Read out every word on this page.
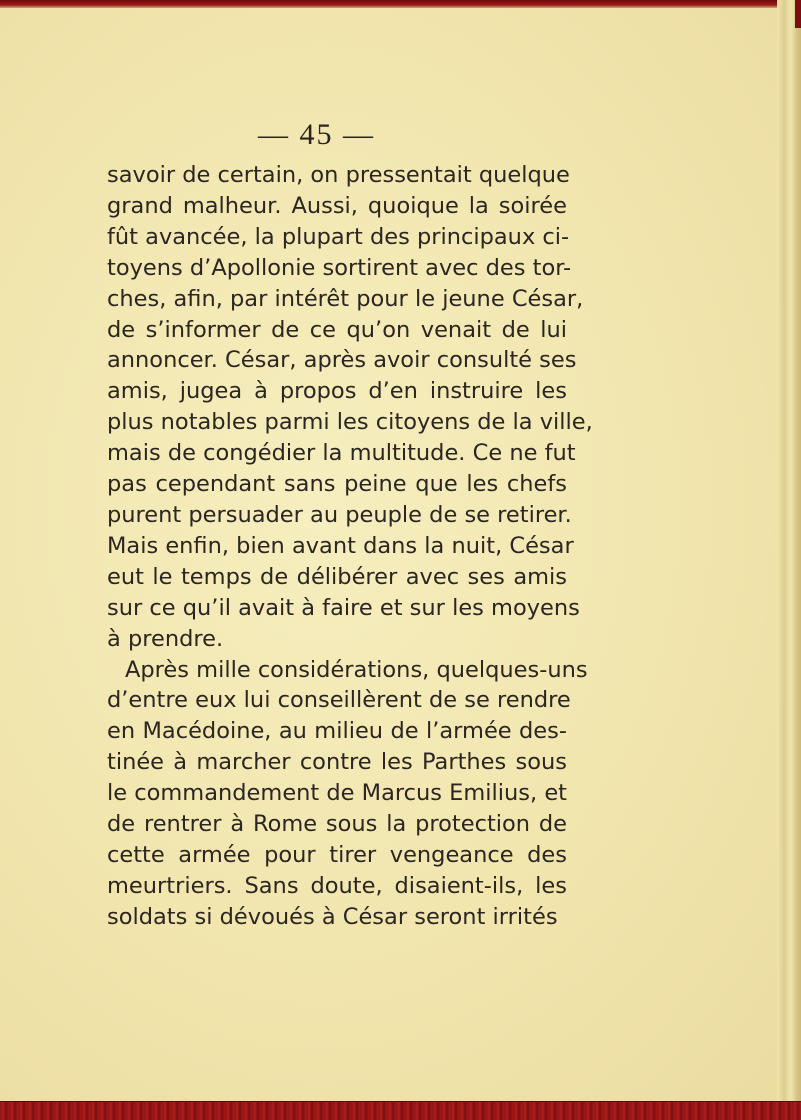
— 45 —
savoir de certain, on pressentait quelque
grand malheur. Aussi, quoique la soirée
fût avancée, la plupart des principaux ci-
toyens d’Apollonie sortirent avec des tor-
ches, afin, par intérêt pour le jeune César,
de s’informer de ce qu’on venait de lui
annoncer. César, après avoir consulté ses
amis, jugea à propos d’en instruire les
plus notables parmi les citoyens de la ville,
mais de congédier la multitude. Ce ne fut
pas cependant sans peine que les chefs
purent persuader au peuple de se retirer.
Mais enfin, bien avant dans la nuit, César
eut le temps de délibérer avec ses amis
sur ce qu’il avait à faire et sur les moyens
à prendre.
Après mille considérations, quelques-uns
d’entre eux lui conseillèrent de se rendre
en Macédoine, au milieu de l’armée des-
tinée à marcher contre les Parthes sous
le commandement de Marcus Emilius, et
de rentrer à Rome sous la protection de
cette armée pour tirer vengeance des
meurtriers. Sans doute, disaient-ils, les
soldats si dévoués à César seront irrités
